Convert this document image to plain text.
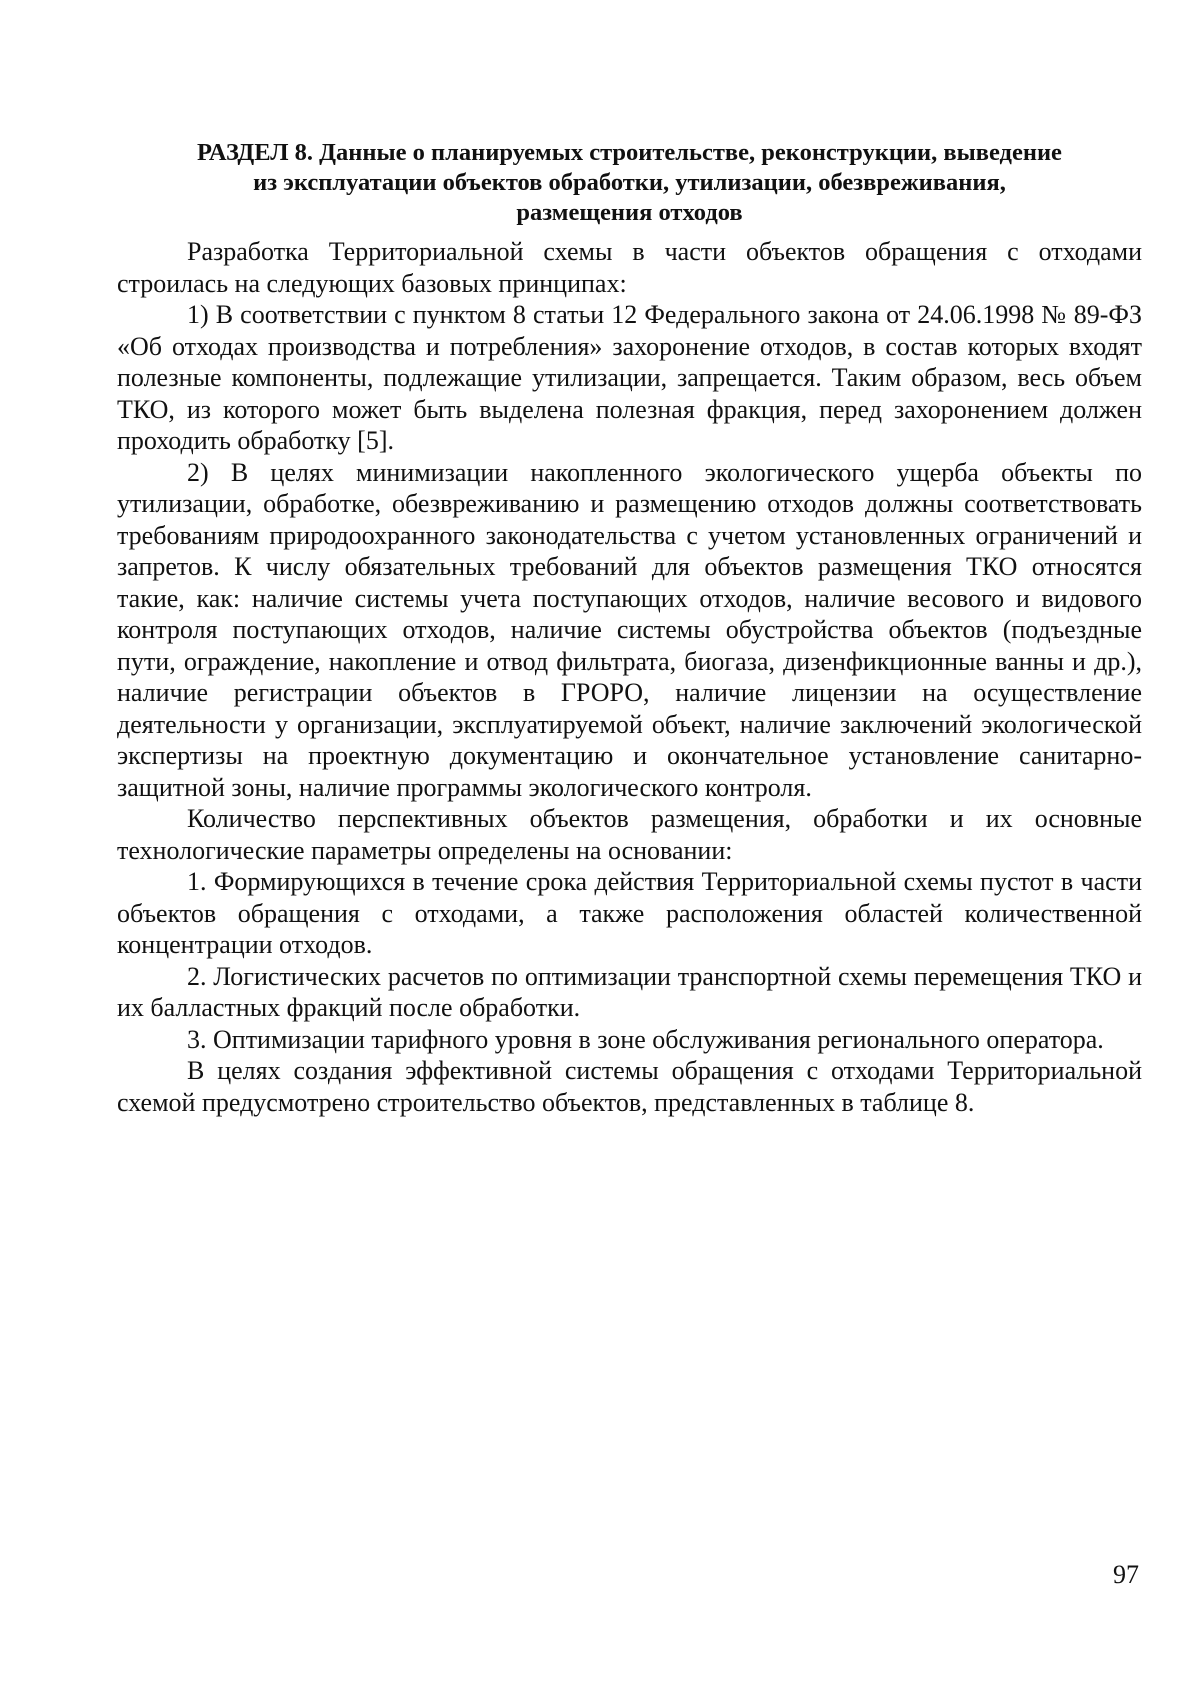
РАЗДЕЛ 8. Данные о планируемых строительстве, реконструкции, выведение
из эксплуатации объектов обработки, утилизации, обезвреживания,
размещения отходов

Разработка Территориальной схемы в части объектов обращения с отходами строилась на следующих базовых принципах:

1) В соответствии с пунктом 8 статьи 12 Федерального закона от 24.06.1998 № 89-ФЗ «Об отходах производства и потребления» захоронение отходов, в состав которых входят полезные компоненты, подлежащие утилизации, запрещается. Таким образом, весь объем ТКО, из которого может быть выделена полезная фракция, перед захоронением должен проходить обработку [5].

2) В целях минимизации накопленного экологического ущерба объекты по утилизации, обработке, обезвреживанию и размещению отходов должны соответствовать требованиям природоохранного законодательства с учетом установленных ограничений и запретов. К числу обязательных требований для объектов размещения ТКО относятся такие, как: наличие системы учета поступающих отходов, наличие весового и видового контроля поступающих отходов, наличие системы обустройства объектов (подъездные пути, ограждение, накопление и отвод фильтрата, биогаза, дизенфикционные ванны и др.), наличие регистрации объектов в ГРОРО, наличие лицензии на осуществление деятельности у организации, эксплуатируемой объект, наличие заключений экологической экспертизы на проектную документацию и окончательное установление санитарно-защитной зоны, наличие программы экологического контроля.

Количество перспективных объектов размещения, обработки и их основные технологические параметры определены на основании:

1. Формирующихся в течение срока действия Территориальной схемы пустот в части объектов обращения с отходами, а также расположения областей количественной концентрации отходов.

2. Логистических расчетов по оптимизации транспортной схемы перемещения ТКО и их балластных фракций после обработки.

3. Оптимизации тарифного уровня в зоне обслуживания регионального оператора.

В целях создания эффективной системы обращения с отходами Территориальной схемой предусмотрено строительство объектов, представленных в таблице 8.

97
